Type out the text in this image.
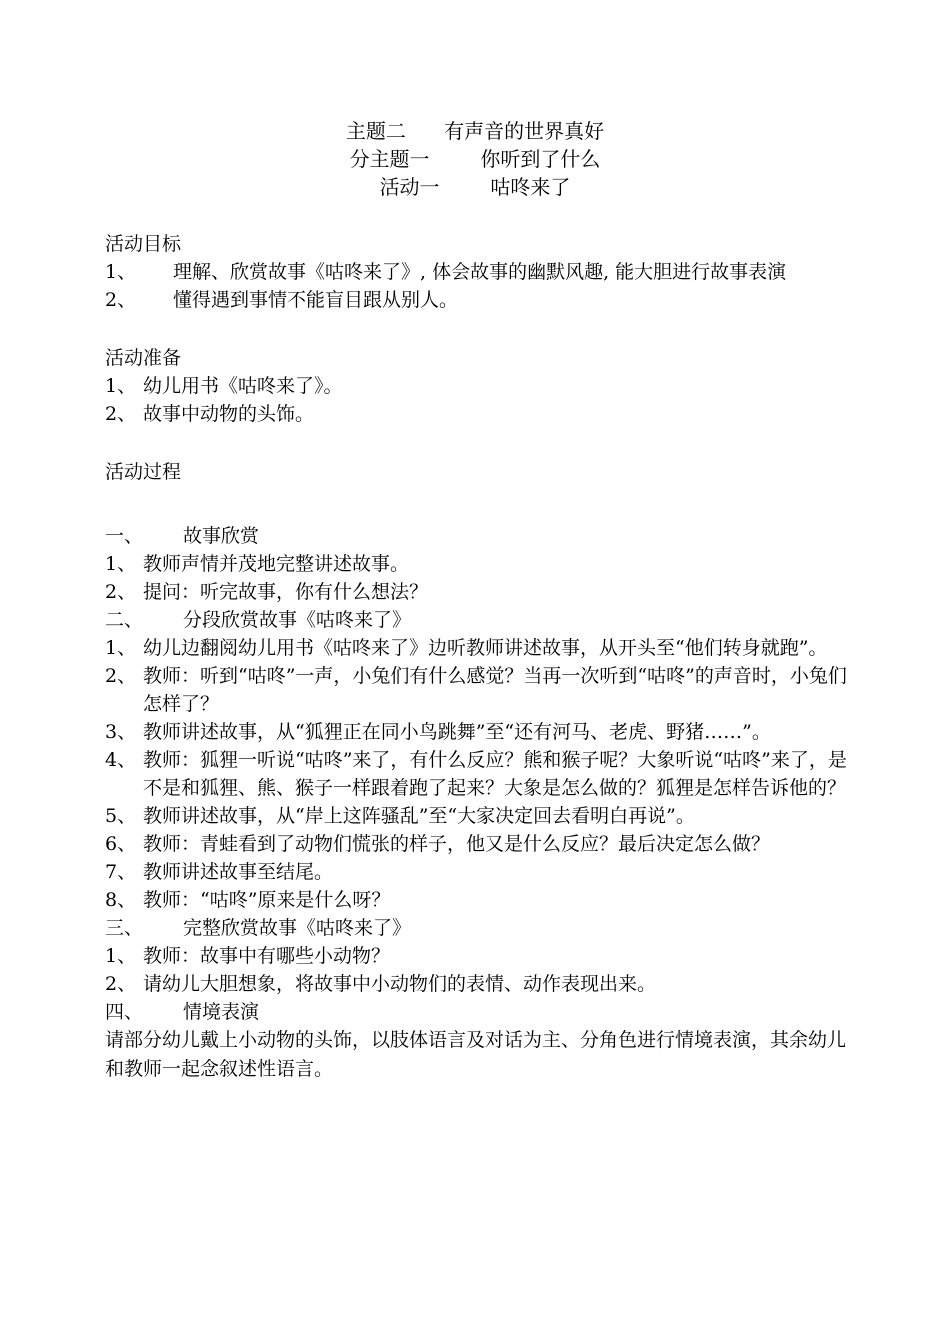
主题二      有声音的世界真好
分主题一        你听到了什么
活动一        咕咚来了
活动目标
1、	理解、欣赏故事《咕咚来了》, 体会故事的幽默风趣, 能大胆进行故事表演
2、	懂得遇到事情不能盲目跟从别人。
活动准备
1、 幼儿用书《咕咚来了》。
2、 故事中动物的头饰。
活动过程
一、	故事欣赏
1、 教师声情并茂地完整讲述故事。
2、 提问：听完故事，你有什么想法？
二、	分段欣赏故事《咕咚来了》
1、 幼儿边翻阅幼儿用书《咕咚来了》边听教师讲述故事，从开头至“他们转身就跑”。
2、 教师：听到“咕咚”一声，小兔们有什么感觉？当再一次听到“咕咚”的声音时，小兔们怎样了？
3、 教师讲述故事，从“狐狸正在同小鸟跳舞”至“还有河马、老虎、野猪……”。
4、 教师：狐狸一听说“咕咚”来了，有什么反应？熊和猴子呢？大象听说“咕咚”来了，是不是和狐狸、熊、猴子一样跟着跑了起来？大象是怎么做的？狐狸是怎样告诉他的？
5、 教师讲述故事，从“岸上这阵骚乱”至“大家决定回去看明白再说”。
6、 教师：青蛙看到了动物们慌张的样子，他又是什么反应？最后决定怎么做？
7、 教师讲述故事至结尾。
8、 教师：“咕咚”原来是什么呀？
三、	完整欣赏故事《咕咚来了》
1、 教师：故事中有哪些小动物？
2、 请幼儿大胆想象，将故事中小动物们的表情、动作表现出来。
四、	情境表演
请部分幼儿戴上小动物的头饰，以肢体语言及对话为主、分角色进行情境表演，其余幼儿和教师一起念叙述性语言。
